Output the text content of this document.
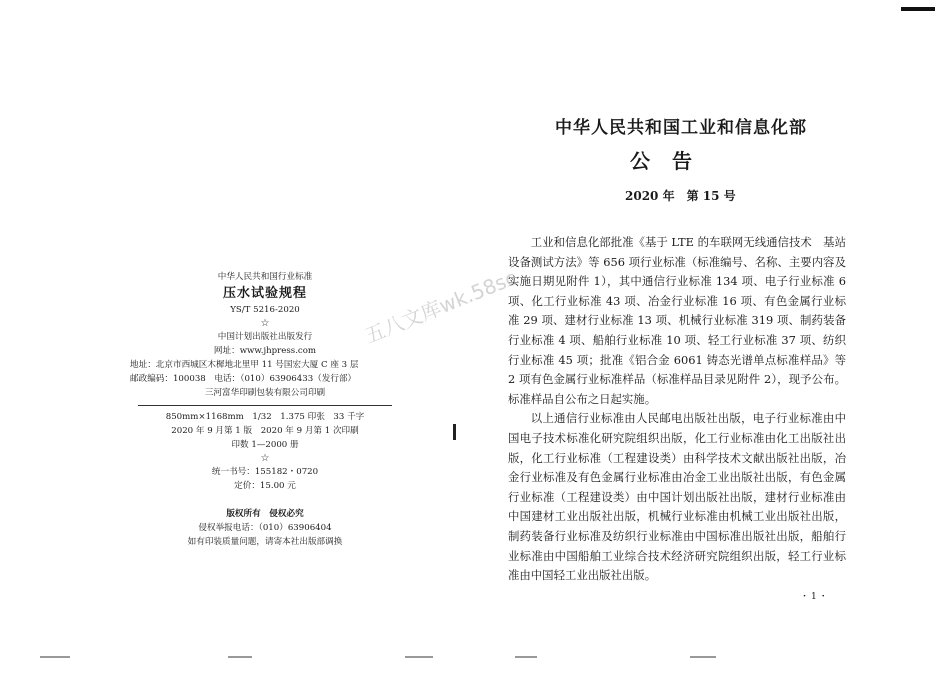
中华人民共和国行业标准
压水试验规程
YS/T 5216-2020
☆
中国计划出版社出版发行
网址：www.jhpress.com
地址：北京市西城区木樨地北里甲 11 号国宏大厦 C 座 3 层
邮政编码：100038　电话：（010）63906433（发行部）
三河富华印刷包装有限公司印刷
850mm×1168mm　1/32　1.375 印张　33 千字
2020 年 9 月第 1 版　2020 年 9 月第 1 次印刷
印数 1—2000 册
☆
统一书号：155182・0720
定价：15.00 元
版权所有　侵权必究
侵权举报电话：（010）63906404
如有印装质量问题，请寄本社出版部调换
五八文库wk.58sc
中华人民共和国工业和信息化部
公告
2020 年　第 15 号

工业和信息化部批准《基于 LTE 的车联网无线通信技术　基站设备测试方法》等 656 项行业标准（标准编号、名称、主要内容及实施日期见附件 1），其中通信行业标准 134 项、电子行业标准 6 项、化工行业标准 43 项、冶金行业标准 16 项、有色金属行业标准 29 项、建材行业标准 13 项、机械行业标准 319 项、制药装备行业标准 4 项、船舶行业标准 10 项、轻工行业标准 37 项、纺织行业标准 45 项；批准《铝合金 6061 铸态光谱单点标准样品》等 2 项有色金属行业标准样品（标准样品目录见附件 2），现予公布。标准样品自公布之日起实施。

以上通信行业标准由人民邮电出版社出版，电子行业标准由中国电子技术标准化研究院组织出版，化工行业标准由化工出版社出版，化工行业标准（工程建设类）由科学技术文献出版社出版，冶金行业标准及有色金属行业标准由冶金工业出版社出版，有色金属行业标准（工程建设类）由中国计划出版社出版，建材行业标准由中国建材工业出版社出版，机械行业标准由机械工业出版社出版，制药装备行业标准及纺织行业标准由中国标准出版社出版，船舶行业标准由中国船舶工业综合技术经济研究院组织出版，轻工行业标准由中国轻工业出版社出版。

・1・
